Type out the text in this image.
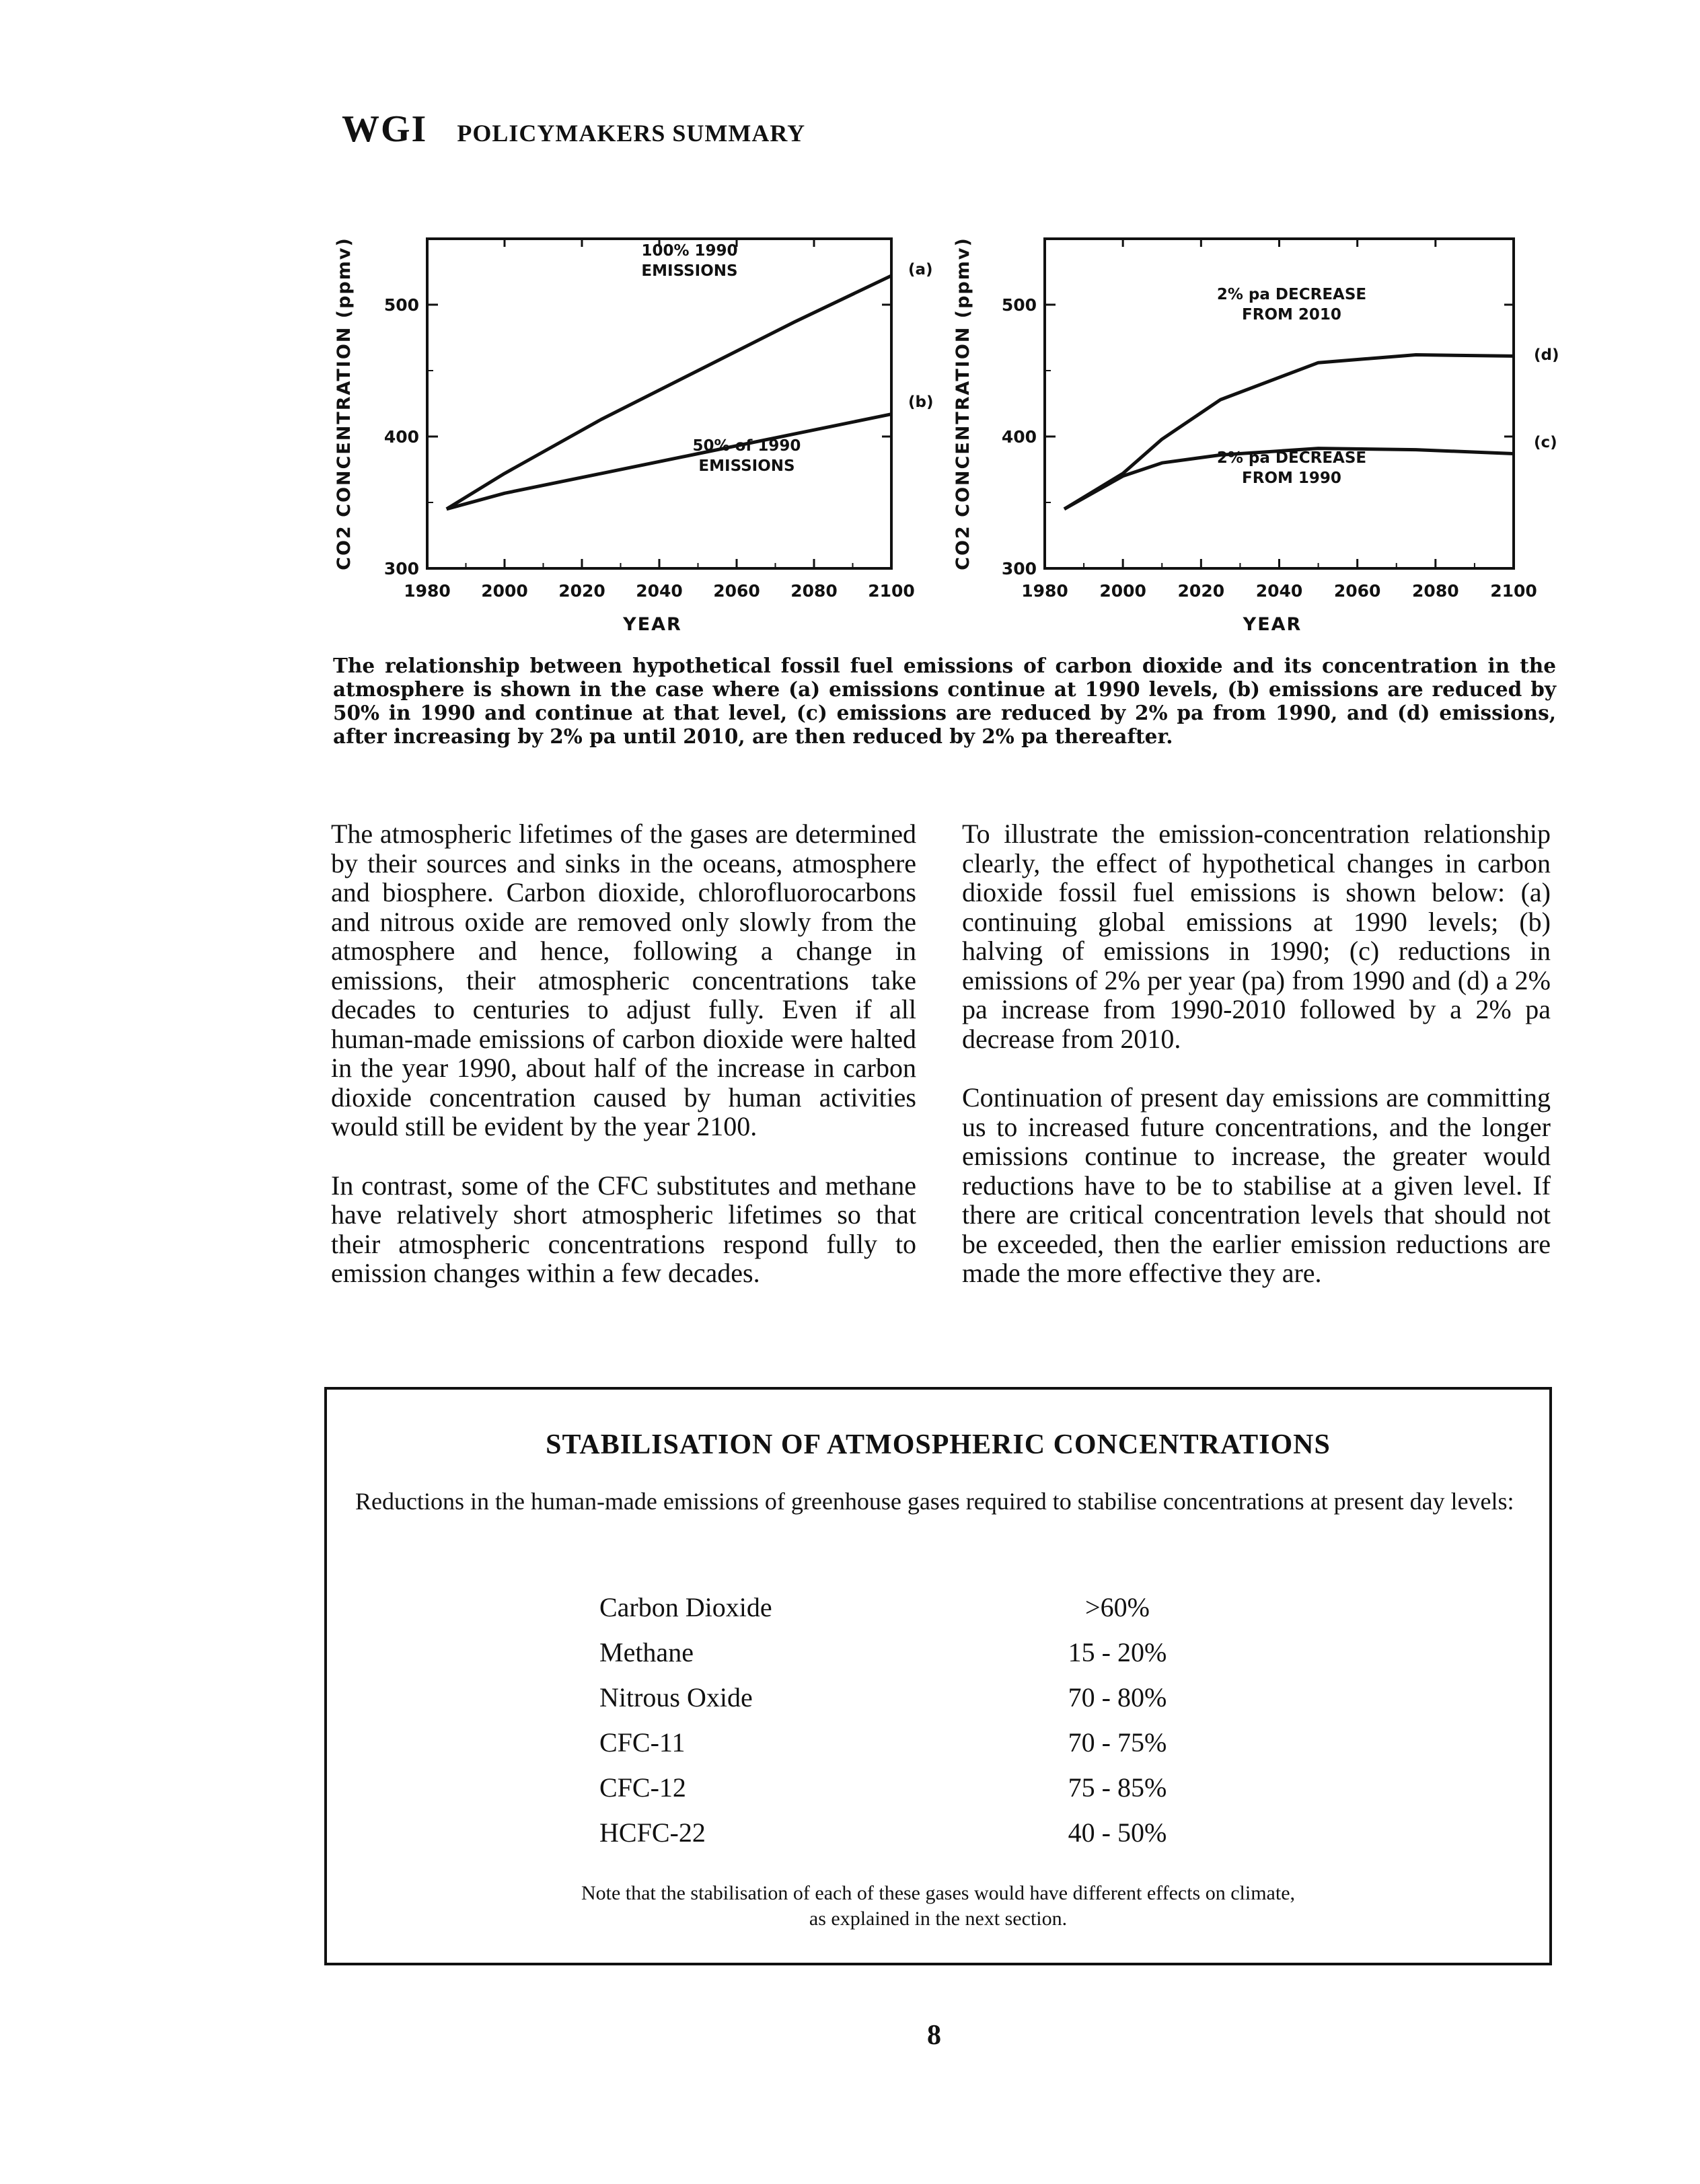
WGI POLICYMAKERS SUMMARY
1980 2000 2020 2040 2060 2080 2100
300
400
500
YEAR
CO2 CONCENTRATION (ppmv)	100% 1990
EMISSIONS	(a)
50% of 1990
EMISSIONS
(b)
1980 2000 2020 2040 2060 2080 2100
300
400
500
YEAR
CO2 CONCENTRATION (ppmv)	2% pa DECREASE
FROM 2010
(d)
2% pa DECREASE
FROM 1990
(c)

The relationship between hypothetical fossil fuel emissions of carbon dioxide and its concentration in the atmosphere is shown in the case where (a) emissions continue at 1990 levels, (b) emissions are reduced by 50% in 1990 and continue at that level, (c) emissions are reduced by 2% pa from 1990, and (d) emissions, after increasing by 2% pa until 2010, are then reduced by 2% pa thereafter.

The atmospheric lifetimes of the gases are determined by their sources and sinks in the oceans, atmosphere and biosphere. Carbon dioxide, chlorofluorocarbons and nitrous oxide are removed only slowly from the atmosphere and hence, following a change in emissions, their atmospheric concentrations take decades to centuries to adjust fully. Even if all human-made emissions of carbon dioxide were halted in the year 1990, about half of the increase in carbon dioxide concentration caused by human activities would still be evident by the year 2100.

In contrast, some of the CFC substitutes and methane have relatively short atmospheric lifetimes so that their atmospheric concentrations respond fully to emission changes within a few decades.

To illustrate the emission-concentration relationship clearly, the effect of hypothetical changes in carbon dioxide fossil fuel emissions is shown below: (a) continuing global emissions at 1990 levels; (b) halving of emissions in 1990; (c) reductions in emissions of 2% per year (pa) from 1990 and (d) a 2% pa increase from 1990-2010 followed by a 2% pa decrease from 2010.

Continuation of present day emissions are committing us to increased future concentrations, and the longer emissions continue to increase, the greater would reductions have to be to stabilise at a given level. If there are critical concentration levels that should not be exceeded, then the earlier emission reductions are made the more effective they are.

STABILISATION OF ATMOSPHERIC CONCENTRATIONS

Reductions in the human-made emissions of greenhouse gases required to stabilise concentrations at present day levels:

Carbon Dioxide	>60%
Methane	15 - 20%
Nitrous Oxide	70 - 80%
CFC-11	70 - 75%
CFC-12	75 - 85%
HCFC-22	40 - 50%

Note that the stabilisation of each of these gases would have different effects on climate,
as explained in the next section.

8
